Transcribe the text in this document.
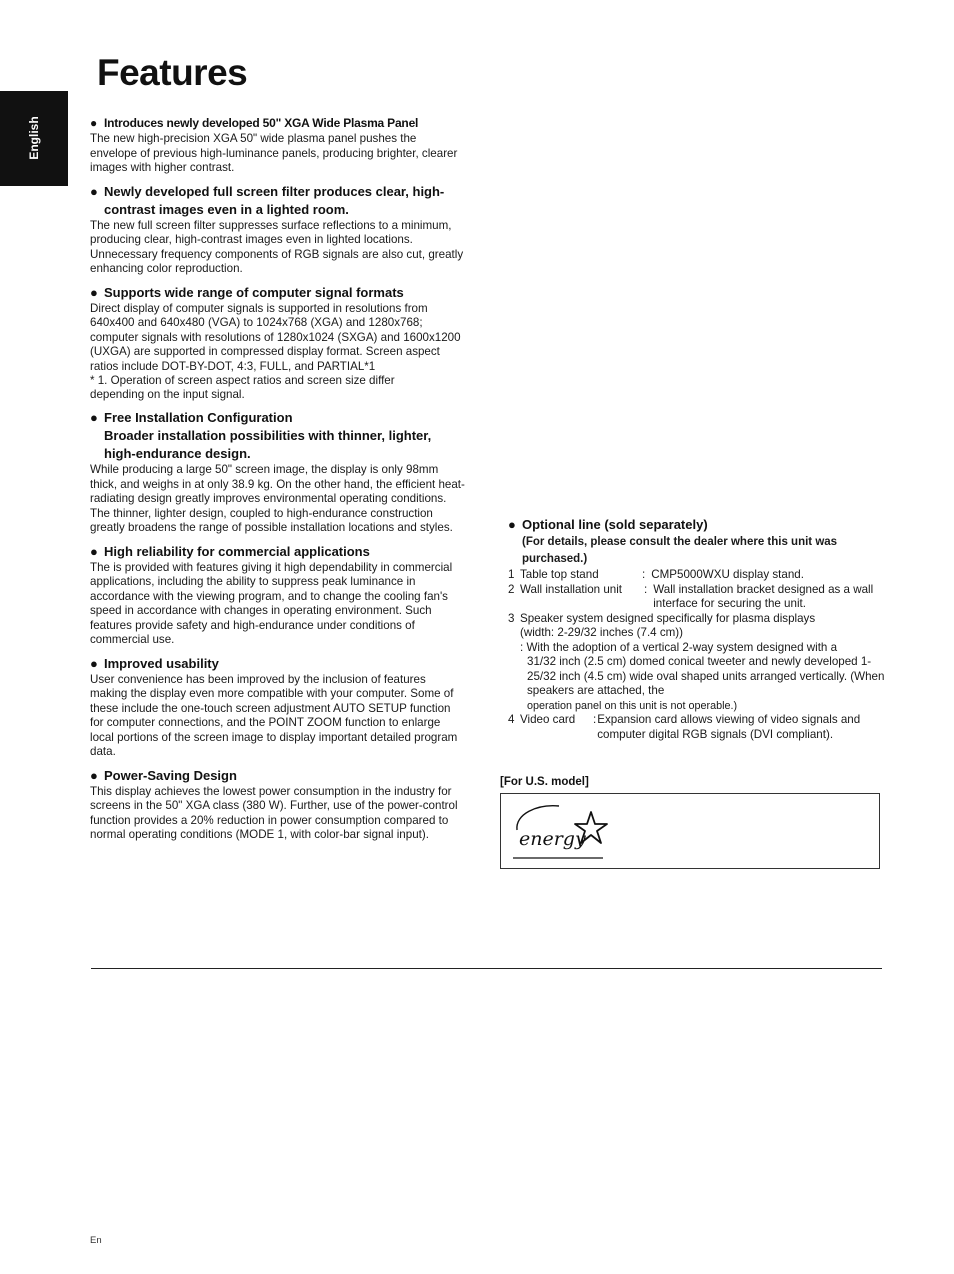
Features
English	● Introduces newly developed 50" XGA Wide Plasma Panel

The new high-precision XGA 50" wide plasma panel pushes the envelope of previous high-luminance panels, producing brighter, clearer images with higher contrast.

● Newly developed full screen filter produces clear, high-contrast images even in a lighted room.

The new full screen filter suppresses surface reflections to a minimum, producing clear, high-contrast images even in lighted locations. Unnecessary frequency components of RGB signals are also cut, greatly enhancing color reproduction.

● Supports wide range of computer signal formats

Direct display of computer signals is supported in resolutions from 640x400 and 640x480 (VGA) to 1024x768 (XGA) and 1280x768; computer signals with resolutions of 1280x1024 (SXGA) and 1600x1200 (UXGA) are supported in compressed display format. Screen aspect ratios include DOT-BY-DOT, 4:3, FULL, and PARTIAL*1

* 1. Operation of screen aspect ratios and screen size differ
depending on the input signal.

● Free Installation Configuration
Broader installation possibilities with thinner, lighter, high-endurance design.

While producing a large 50" screen image, the display is only 98mm thick, and weighs in at only 38.9 kg. On the other hand, the efficient heat-radiating design greatly improves environmental operating conditions. The thinner, lighter design, coupled to high-endurance construction greatly broadens the range of possible installation locations and styles.

● High reliability for commercial applications

The is provided with features giving it high dependability in commercial applications, including the ability to suppress peak luminance in accordance with the viewing program, and to change the cooling fan's speed in accordance with changes in operating environment. Such features provide safety and high-endurance under conditions of commercial use.

● Improved usability

User convenience has been improved by the inclusion of features making the display even more compatible with your computer. Some of these include the one-touch screen adjustment AUTO SETUP function for computer connections, and the POINT ZOOM function to enlarge local portions of the screen image to display important detailed program data.

● Power-Saving Design

This display achieves the lowest power consumption in the industry for screens in the 50" XGA class (380 W). Further, use of the power-control function provides a 20% reduction in power consumption compared to normal operating conditions (MODE 1, with color-bar signal input).

● Optional line (sold separately)
(For details, please consult the dealer where this unit was purchased.)
1 Table top stand	: CMP5000WXU display stand.
2 Wall installation unit	: Wall installation bracket designed as a wall interface for securing the unit.
3 Speaker system designed specifically for plasma displays
(width: 2-29/32 inches (7.4 cm))
: With the adoption of a vertical 2-way system designed with a
31/32 inch (2.5 cm) domed conical tweeter and newly developed 1-25/32 inch (4.5 cm) wide oval shaped units arranged vertically. (When speakers are attached, the
operation panel on this unit is not operable.)
4 Video card	: Expansion card allows viewing of video signals and computer digital RGB signals (DVI compliant).
[For U.S. model]
energy
En
